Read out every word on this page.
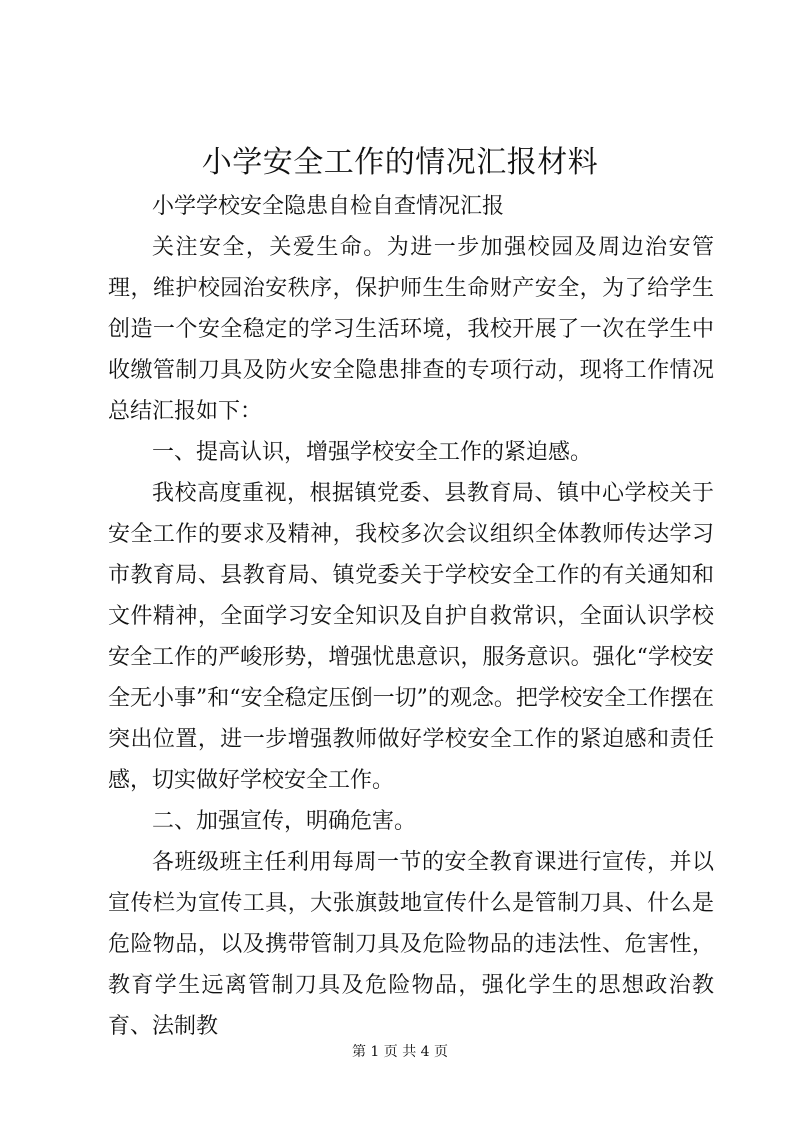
小学安全工作的情况汇报材料

小学学校安全隐患自检自查情况汇报

关注安全，关爱生命。为进一步加强校园及周边治安管理，维护校园治安秩序，保护师生生命财产安全，为了给学生创造一个安全稳定的学习生活环境，我校开展了一次在学生中收缴管制刀具及防火安全隐患排查的专项行动，现将工作情况总结汇报如下：

一、提高认识，增强学校安全工作的紧迫感。

我校高度重视，根据镇党委、县教育局、镇中心学校关于安全工作的要求及精神，我校多次会议组织全体教师传达学习市教育局、县教育局、镇党委关于学校安全工作的有关通知和文件精神，全面学习安全知识及自护自救常识，全面认识学校安全工作的严峻形势，增强忧患意识，服务意识。强化“学校安全无小事”和“安全稳定压倒一切”的观念。把学校安全工作摆在突出位置，进一步增强教师做好学校安全工作的紧迫感和责任感，切实做好学校安全工作。

二、加强宣传，明确危害。

各班级班主任利用每周一节的安全教育课进行宣传，并以宣传栏为宣传工具，大张旗鼓地宣传什么是管制刀具、什么是危险物品，以及携带管制刀具及危险物品的违法性、危害性，教育学生远离管制刀具及危险物品，强化学生的思想政治教育、法制教

第 1 页 共 4 页
